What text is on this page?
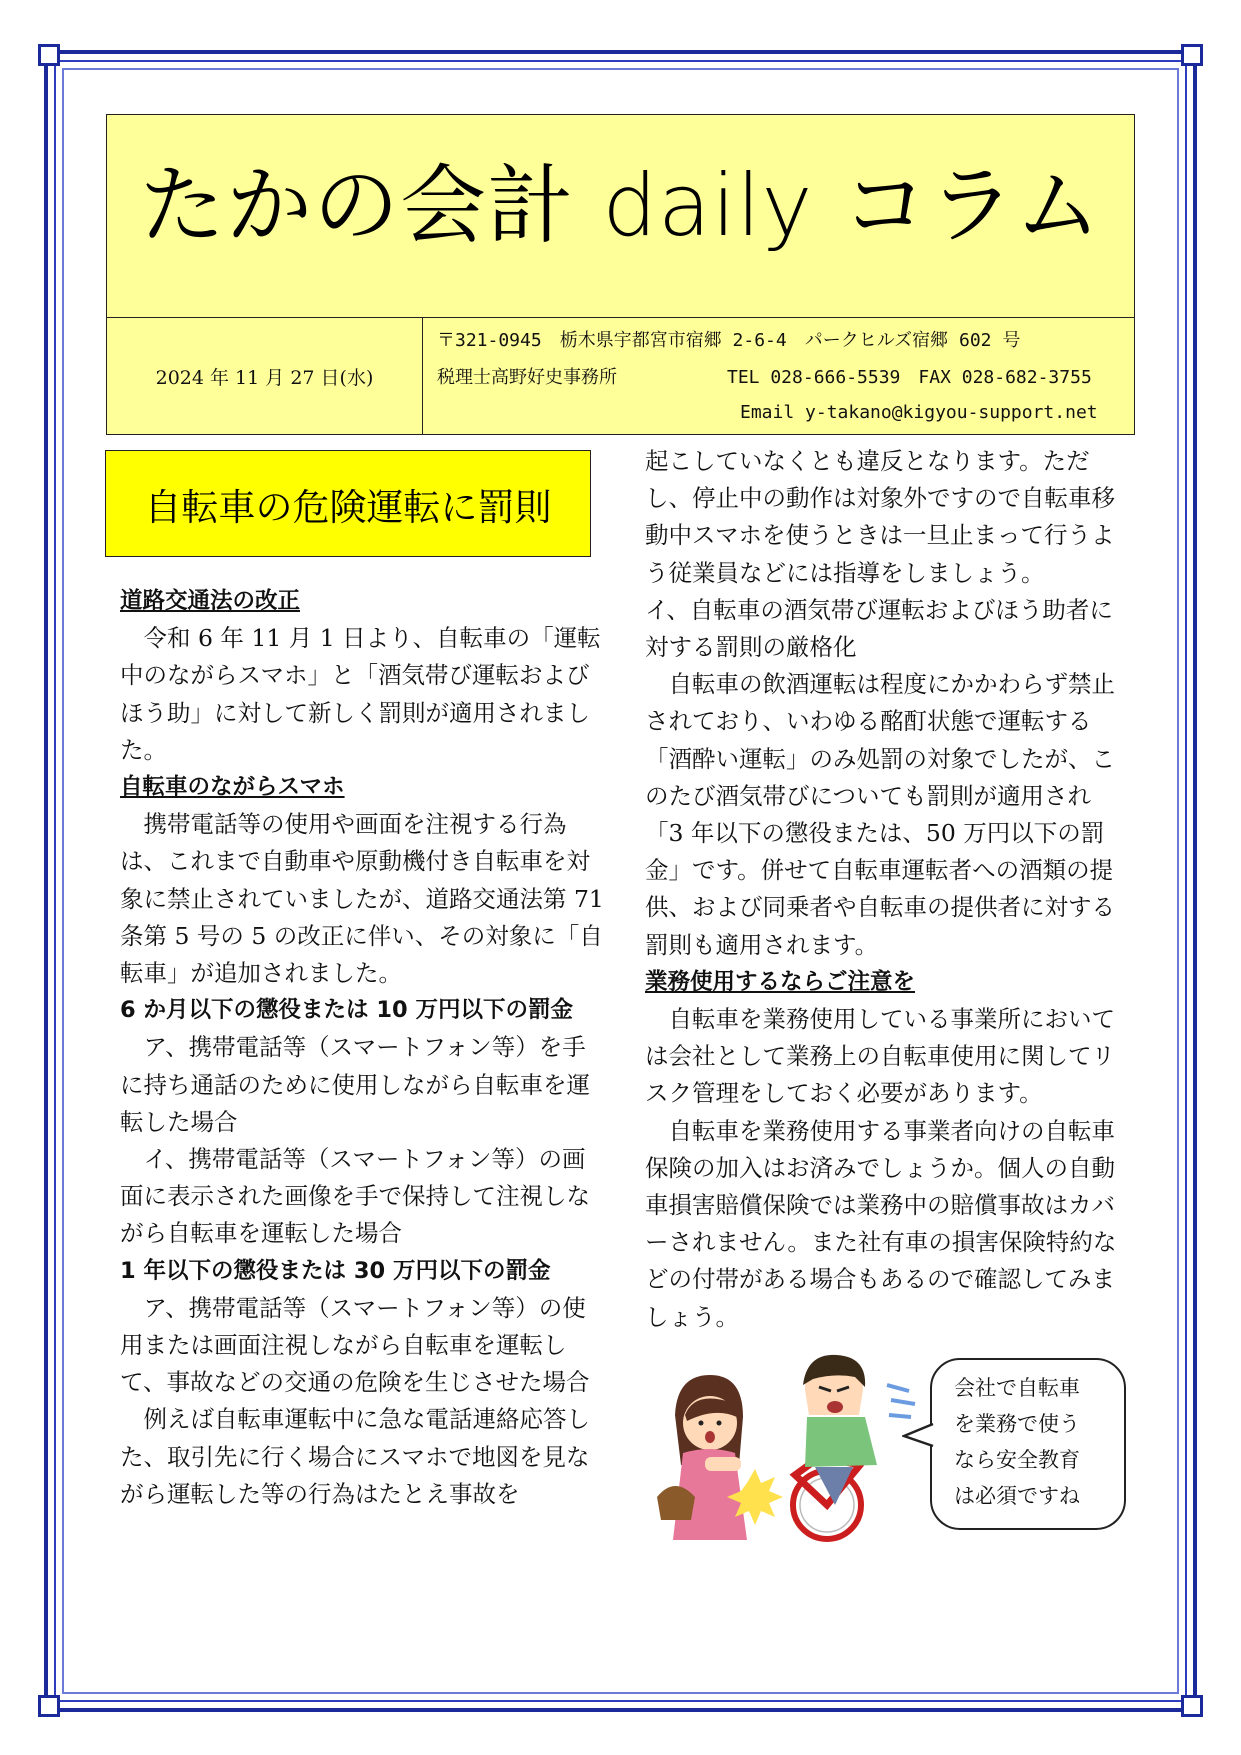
たかの会計 daily コラム
2024 年 11 月 27 日(水)
〒321-0945　栃木県宇都宮市宿郷 2-6-4　パークヒルズ宿郷 602 号
税理士高野好史事務所	TEL 028-666-5539　FAX 028-682-3755
Email y-takano@kigyou-support.net
自転車の危険運転に罰則

道路交通法の改正

令和 6 年 11 月 1 日より、自転車の「運転中のながらスマホ」と「酒気帯び運転およびほう助」に対して新しく罰則が適用されました。

自転車のながらスマホ

携帯電話等の使用や画面を注視する行為は、これまで自動車や原動機付き自転車を対象に禁止されていましたが、道路交通法第 71 条第 5 号の 5 の改正に伴い、その対象に「自転車」が追加されました。

6 か月以下の懲役または 10 万円以下の罰金

ア、携帯電話等（スマートフォン等）を手に持ち通話のために使用しながら自転車を運転した場合

イ、携帯電話等（スマートフォン等）の画面に表示された画像を手で保持して注視しながら自転車を運転した場合

1 年以下の懲役または 30 万円以下の罰金

ア、携帯電話等（スマートフォン等）の使用または画面注視しながら自転車を運転して、事故などの交通の危険を生じさせた場合

例えば自転車運転中に急な電話連絡応答した、取引先に行く場合にスマホで地図を見ながら運転した等の行為はたとえ事故を

起こしていなくとも違反となります。ただし、停止中の動作は対象外ですので自転車移動中スマホを使うときは一旦止まって行うよう従業員などには指導をしましょう。

イ、自転車の酒気帯び運転およびほう助者に対する罰則の厳格化

自転車の飲酒運転は程度にかかわらず禁止されており、いわゆる酩酊状態で運転する「酒酔い運転」のみ処罰の対象でしたが、このたび酒気帯びについても罰則が適用され「3 年以下の懲役または、50 万円以下の罰金」です。併せて自転車運転者への酒類の提供、および同乗者や自転車の提供者に対する罰則も適用されます。

業務使用するならご注意を

自転車を業務使用している事業所においては会社として業務上の自転車使用に関してリスク管理をしておく必要があります。

自転車を業務使用する事業者向けの自転車保険の加入はお済みでしょうか。個人の自動車損害賠償保険では業務中の賠償事故はカバーされません。また社有車の損害保険特約などの付帯がある場合もあるので確認してみましょう。

会社で自転車

を業務で使う

なら安全教育

は必須ですね
